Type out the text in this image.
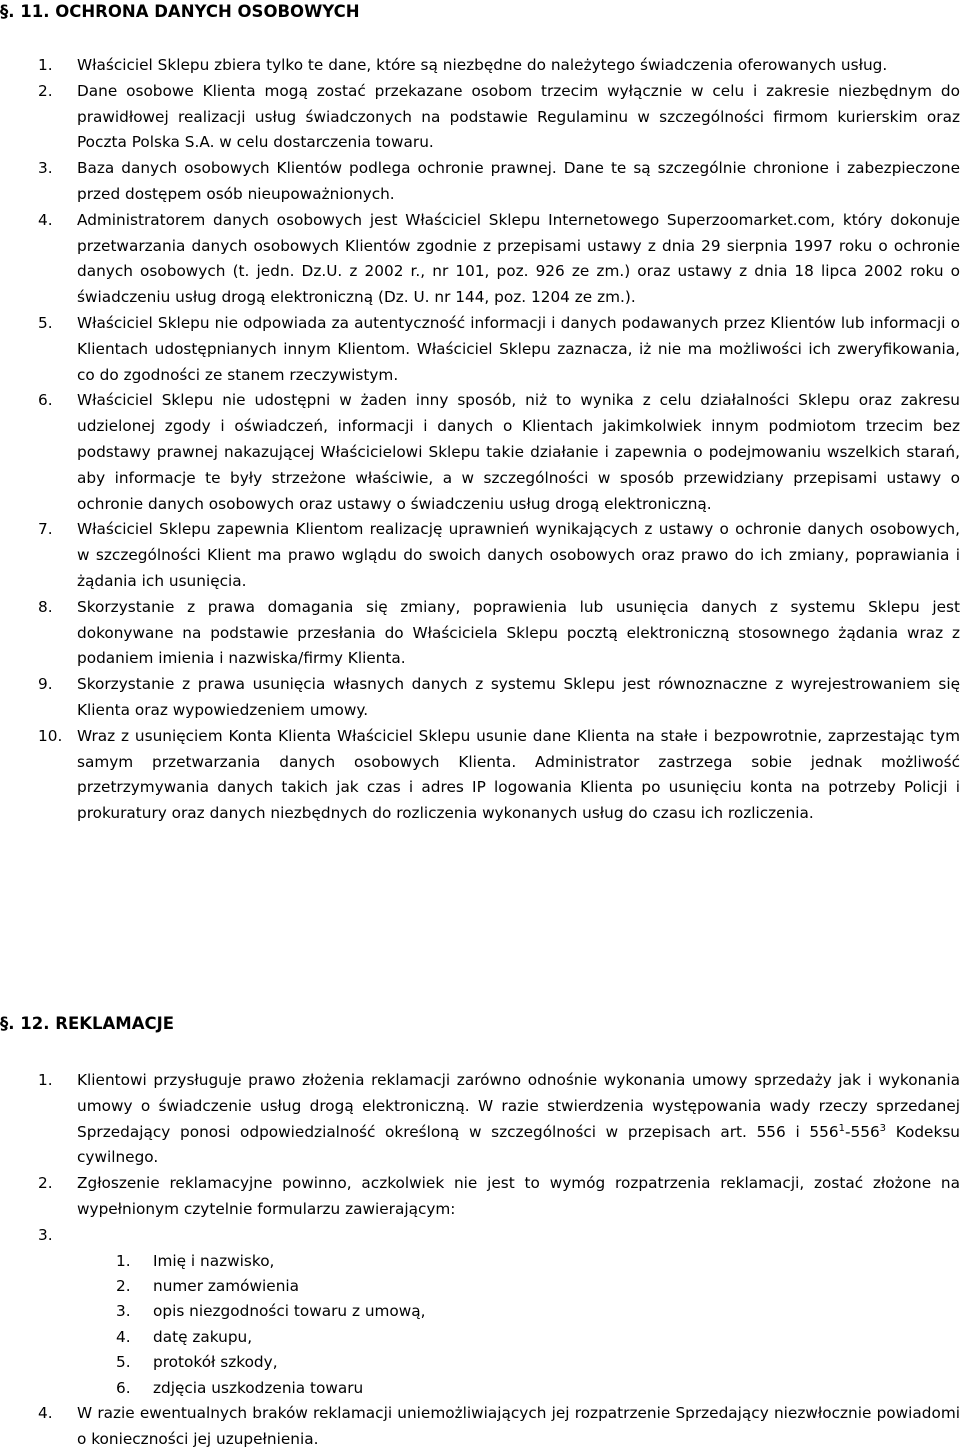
§. 11. OCHRONA DANYCH OSOBOWYCH
1. Właściciel Sklepu zbiera tylko te dane, które są niezbędne do należytego świadczenia oferowanych usług.
2. Dane osobowe Klienta mogą zostać przekazane osobom trzecim wyłącznie w celu i zakresie niezbędnym do prawidłowej realizacji usług świadczonych na podstawie Regulaminu w szczególności firmom kurierskim oraz Poczta Polska S.A. w celu dostarczenia towaru.
3. Baza danych osobowych Klientów podlega ochronie prawnej. Dane te są szczególnie chronione i zabezpieczone przed dostępem osób nieupoważnionych.
4. Administratorem danych osobowych jest Właściciel Sklepu Internetowego Superzoomarket.com, który dokonuje przetwarzania danych osobowych Klientów zgodnie z przepisami ustawy z dnia 29 sierpnia 1997 roku o ochronie danych osobowych (t. jedn. Dz.U. z 2002 r., nr 101, poz. 926 ze zm.) oraz ustawy z dnia 18 lipca 2002 roku o świadczeniu usług drogą elektroniczną (Dz. U. nr 144, poz. 1204 ze zm.).
5. Właściciel Sklepu nie odpowiada za autentyczność informacji i danych podawanych przez Klientów lub informacji o Klientach udostępnianych innym Klientom. Właściciel Sklepu zaznacza, iż nie ma możliwości ich zweryfikowania, co do zgodności ze stanem rzeczywistym.
6. Właściciel Sklepu nie udostępni w żaden inny sposób, niż to wynika z celu działalności Sklepu oraz zakresu udzielonej zgody i oświadczeń, informacji i danych o Klientach jakimkolwiek innym podmiotom trzecim bez podstawy prawnej nakazującej Właścicielowi Sklepu takie działanie i zapewnia o podejmowaniu wszelkich starań, aby informacje te były strzeżone właściwie, a w szczególności w sposób przewidziany przepisami ustawy o ochronie danych osobowych oraz ustawy o świadczeniu usług drogą elektroniczną.
7. Właściciel Sklepu zapewnia Klientom realizację uprawnień wynikających z ustawy o ochronie danych osobowych, w szczególności Klient ma prawo wglądu do swoich danych osobowych oraz prawo do ich zmiany, poprawiania i żądania ich usunięcia.
8. Skorzystanie z prawa domagania się zmiany, poprawienia lub usunięcia danych z systemu Sklepu jest dokonywane na podstawie przesłania do Właściciela Sklepu pocztą elektroniczną stosownego żądania wraz z podaniem imienia i nazwiska/firmy Klienta.
9. Skorzystanie z prawa usunięcia własnych danych z systemu Sklepu jest równoznaczne z wyrejestrowaniem się Klienta oraz wypowiedzeniem umowy.
10. Wraz z usunięciem Konta Klienta Właściciel Sklepu usunie dane Klienta na stałe i bezpowrotnie, zaprzestając tym samym przetwarzania danych osobowych Klienta. Administrator zastrzega sobie jednak możliwość przetrzymywania danych takich jak czas i adres IP logowania Klienta po usunięciu konta na potrzeby Policji i prokuratury oraz danych niezbędnych do rozliczenia wykonanych usług do czasu ich rozliczenia.
§. 12. REKLAMACJE
1. Klientowi przysługuje prawo złożenia reklamacji zarówno odnośnie wykonania umowy sprzedaży jak i wykonania umowy o świadczenie usług drogą elektroniczną. W razie stwierdzenia występowania wady rzeczy sprzedanej Sprzedający ponosi odpowiedzialność określoną w szczególności w przepisach art. 556 i $556^1-556^3$ Kodeksu cywilnego.
2. Zgłoszenie reklamacyjne powinno, aczkolwiek nie jest to wymóg rozpatrzenia reklamacji, zostać złożone na wypełnionym czytelnie formularzu zawierającym:
3.
1. Imię i nazwisko,
2. numer zamówienia
3. opis niezgodności towaru z umową,
4. datę zakupu,
5. protokół szkody,
6. zdjęcia uszkodzenia towaru
4. W razie ewentualnych braków reklamacji uniemożliwiających jej rozpatrzenie Sprzedający niezwłocznie powiadomi o konieczności jej uzupełnienia.
